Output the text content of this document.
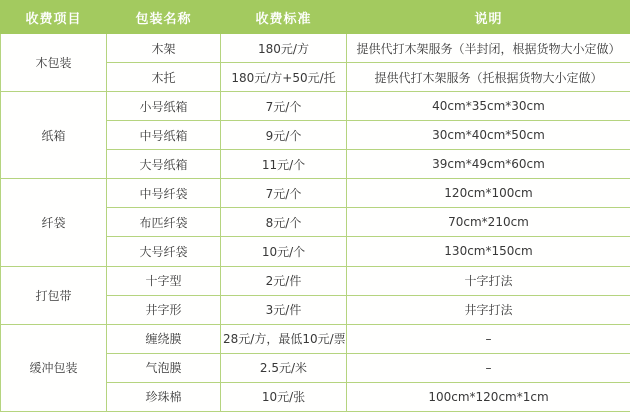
收费项目	包装名称	收费标准	说明
木包装	木架	180元/方	提供代打木架服务（半封闭，根据货物大小定做）
	木托	180元/方+50元/托	提供代打木架服务（托根据货物大小定做）
纸箱	小号纸箱	7元/个	40cm*35cm*30cm
	中号纸箱	9元/个	30cm*40cm*50cm
	大号纸箱	11元/个	39cm*49cm*60cm
纤袋	中号纤袋	7元/个	120cm*100cm
	布匹纤袋	8元/个	70cm*210cm
	大号纤袋	10元/个	130cm*150cm
打包带	十字型	2元/件	十字打法
	井字形	3元/件	井字打法
缓冲包装	缠绕膜	28元/方，最低10元/票	–
	气泡膜	2.5元/米	–
	珍珠棉	10元/张	100cm*120cm*1cm
